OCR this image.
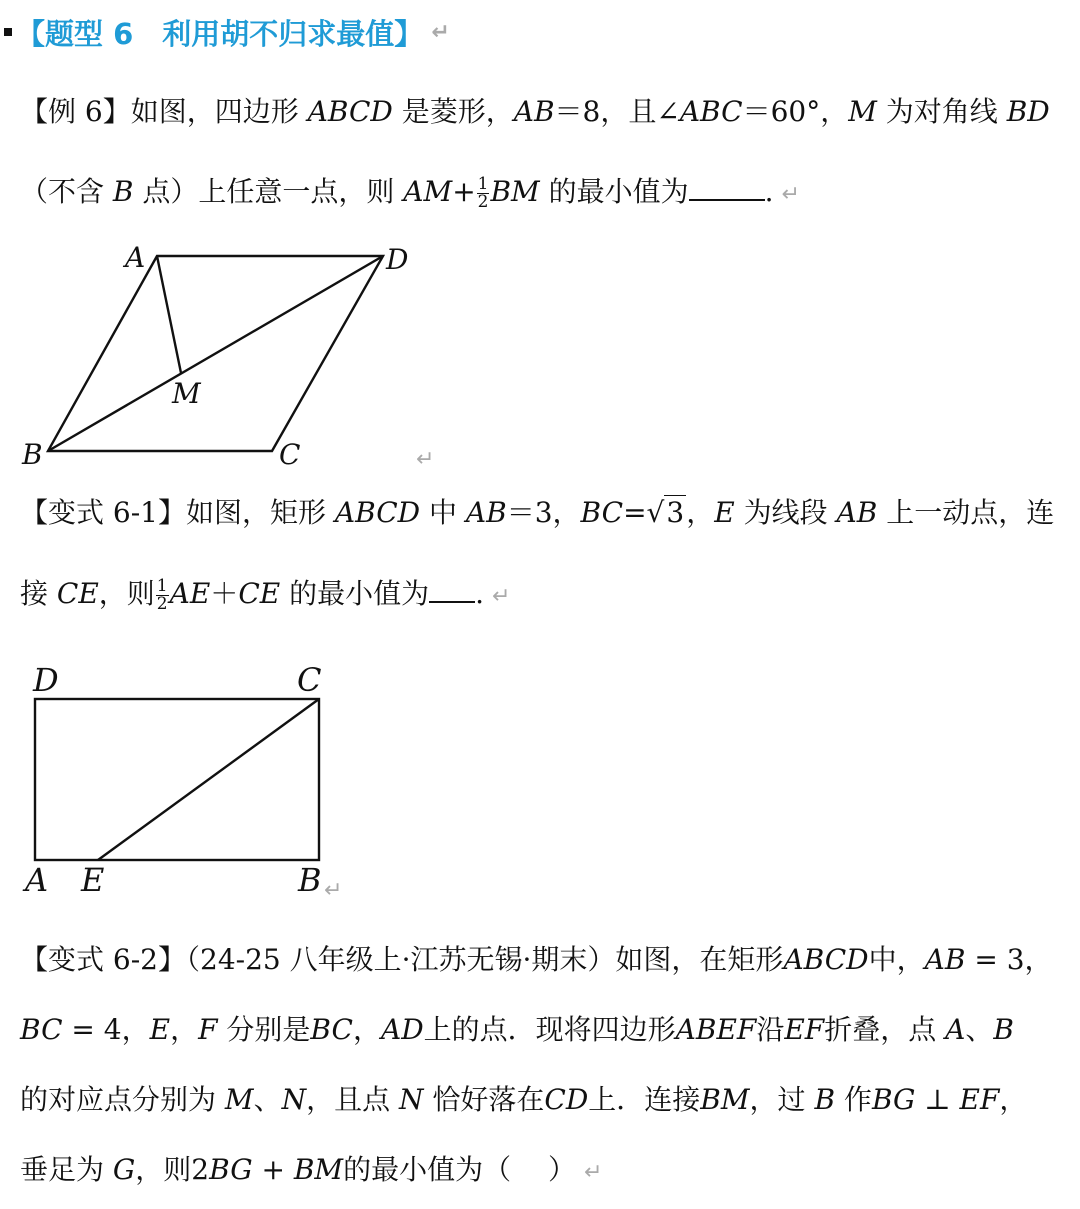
【题型 6　利用胡不归求最值】 ↵
【例 6】如图，四边形 ABCD 是菱形，AB＝8，且∠ABC＝60°，M 为对角线 BD
（不含 B 点）上任意一点，则 $AM+ \frac{1}{2}$ BM 的最小值为	. ↵
A	D
M
B	C	↵
【变式 6-1】如图，矩形 ABCD 中 AB＝3，BC=√3，E 为线段 AB 上一动点，连
接 CE，则 $\frac{1}{2} AE+CE$ 的最小值为 . ↵
D	C
A E	B ↵
【变式 6-2】（24-25 八年级上·江苏无锡·期末）如图，在矩形ABCD中，AB = 3，
BC = 4，E，F 分别是BC，AD上的点．现将四边形ABEF沿EF折叠，点 A、B
的对应点分别为 M、N，且点 N 恰好落在CD上．连接BM，过 B 作BG ⊥ EF，
垂足为 G，则2BG + BM的最小值为（　 ） ↵
